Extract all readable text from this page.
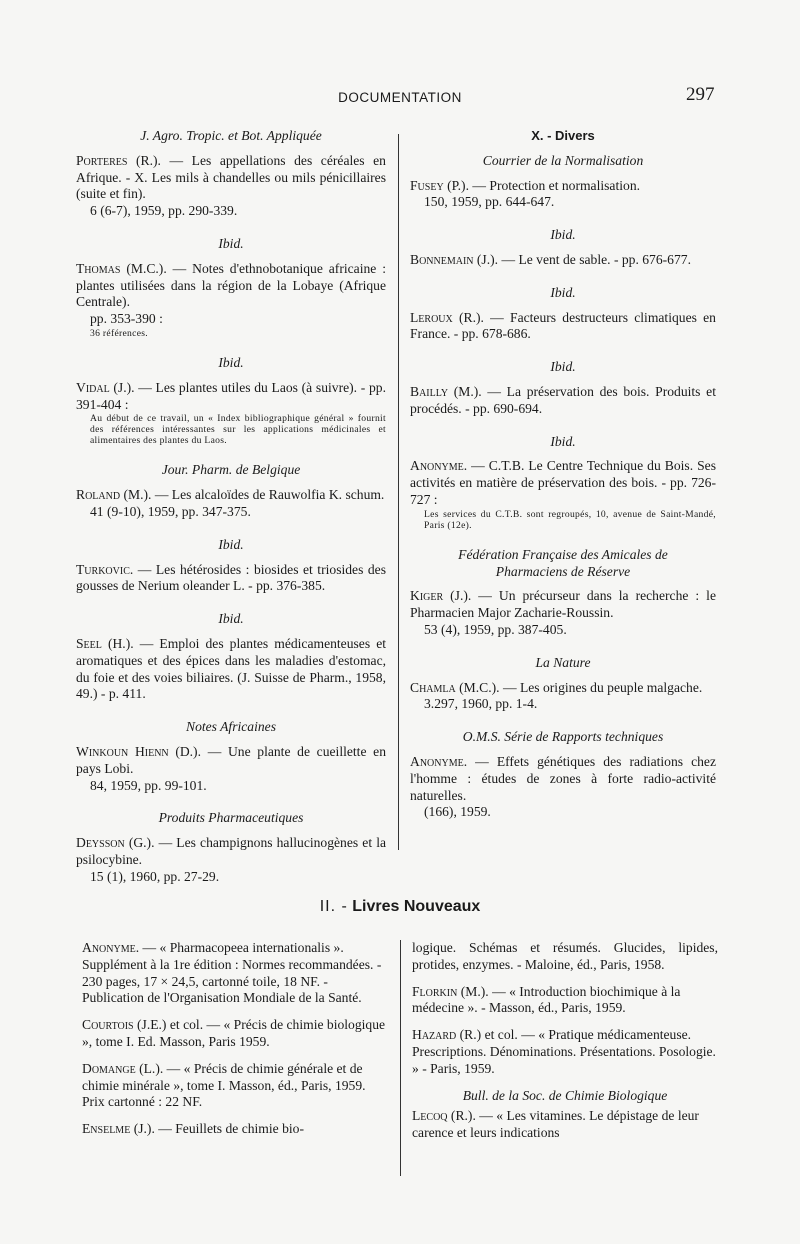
DOCUMENTATION	297
J. Agro. Tropic. et Bot. Appliquée

Porteres (R.). — Les appellations des céréales en Afrique. - X. Les mils à chandelles ou mils pénicillaires (suite et fin).

6 (6-7), 1959, pp. 290-339.

Ibid.

Thomas (M.C.). — Notes d'ethnobotanique africaine : plantes utilisées dans la région de la Lobaye (Afrique Centrale).

pp. 353-390 :

36 références.

Ibid.

Vidal (J.). — Les plantes utiles du Laos (à suivre). - pp. 391-404 :

Au début de ce travail, un « Index bibliographique général » fournit des références intéressantes sur les applications médicinales et alimentaires des plantes du Laos.

Jour. Pharm. de Belgique

Roland (M.). — Les alcaloïdes de Rauwolfia K. schum.

41 (9-10), 1959, pp. 347-375.

Ibid.

Turkovic. — Les hétérosides : biosides et triosides des gousses de Nerium oleander L. - pp. 376-385.

Ibid.

Seel (H.). — Emploi des plantes médicamenteuses et aromatiques et des épices dans les maladies d'estomac, du foie et des voies biliaires. (J. Suisse de Pharm., 1958, 49.) - p. 411.

Notes Africaines

Winkoun Hienn (D.). — Une plante de cueillette en pays Lobi.

84, 1959, pp. 99-101.

Produits Pharmaceutiques

Deysson (G.). — Les champignons hallucinogènes et la psilocybine.

15 (1), 1960, pp. 27-29.

X. - Divers
Courrier de la Normalisation

Fusey (P.). — Protection et normalisation.

150, 1959, pp. 644-647.

Ibid.

Bonnemain (J.). — Le vent de sable. - pp. 676-677.

Ibid.

Leroux (R.). — Facteurs destructeurs climatiques en France. - pp. 678-686.

Ibid.

Bailly (M.). — La préservation des bois. Produits et procédés. - pp. 690-694.

Ibid.

Anonyme. — C.T.B. Le Centre Technique du Bois. Ses activités en matière de préservation des bois. - pp. 726-727 :

Les services du C.T.B. sont regroupés, 10, avenue de Saint-Mandé, Paris (12e).

Fédération Française des Amicales de Pharmaciens de Réserve

Kiger (J.). — Un précurseur dans la recherche : le Pharmacien Major Zacharie-Roussin.

53 (4), 1959, pp. 387-405.

La Nature

Chamla (M.C.). — Les origines du peuple malgache.

3.297, 1960, pp. 1-4.

O.M.S. Série de Rapports techniques

Anonyme. — Effets génétiques des radiations chez l'homme : études de zones à forte radio-activité naturelles.

(166), 1959.

II. - Livres Nouveaux
Anonyme. — « Pharmacopeea internationalis ». Supplément à la 1re édition : Normes recommandées. - 230 pages, 17 × 24,5, cartonné toile, 18 NF. - Publication de l'Organisation Mondiale de la Santé.
Courtois (J.E.) et col. — « Précis de chimie biologique », tome I. Ed. Masson, Paris 1959.
Domange (L.). — « Précis de chimie générale et de chimie minérale », tome I. Masson, éd., Paris, 1959. Prix cartonné : 22 NF.
Enselme (J.). — Feuillets de chimie bio-
logique. Schémas et résumés. Glucides, lipides, protides, enzymes. - Maloine, éd., Paris, 1958.
Florkin (M.). — « Introduction biochimique à la médecine ». - Masson, éd., Paris, 1959.
Hazard (R.) et col. — « Pratique médicamenteuse. Prescriptions. Dénominations. Présentations. Posologie. » - Paris, 1959.
Bull. de la Soc. de Chimie Biologique
Lecoq (R.). — « Les vitamines. Le dépistage de leur carence et leurs indications
